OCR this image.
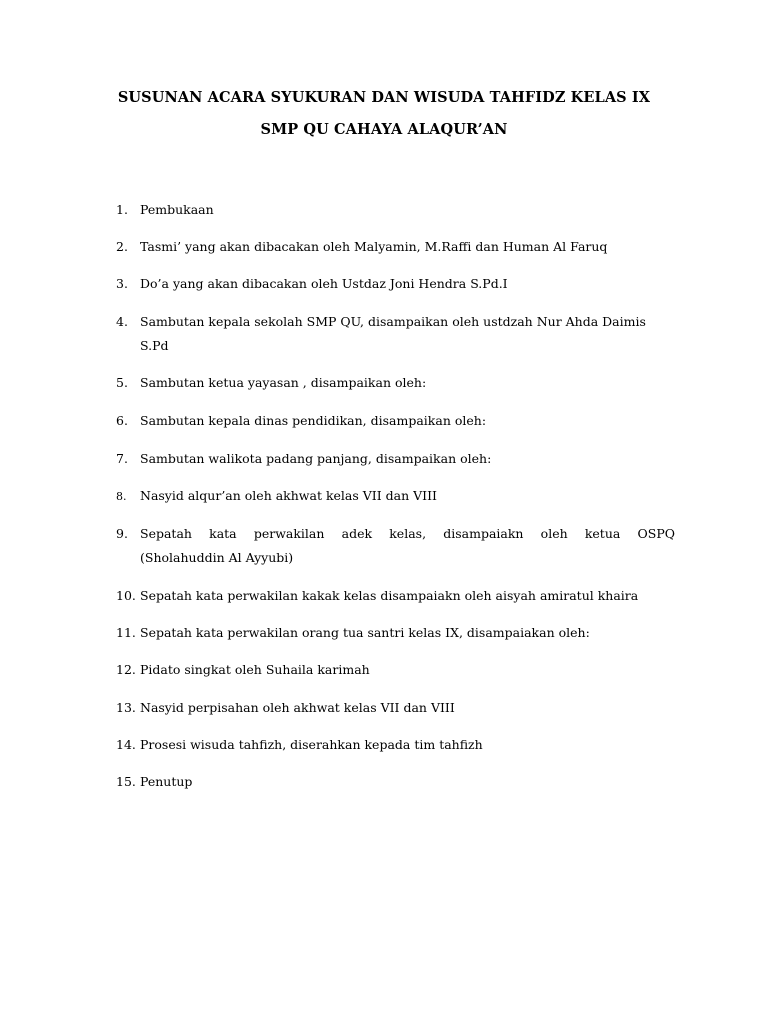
SUSUNAN ACARA SYUKURAN DAN WISUDA TAHFIDZ KELAS IX
SMP QU CAHAYA ALAQUR’AN
1. Pembukaan
2. Tasmi’ yang akan dibacakan oleh Malyamin, M.Raffi dan Human Al Faruq
3. Do’a yang akan dibacakan oleh Ustdaz Joni Hendra S.Pd.I
4. Sambutan kepala sekolah SMP QU, disampaikan oleh ustdzah Nur Ahda Daimis
S.Pd
5. Sambutan ketua yayasan , disampaikan oleh:
6. Sambutan kepala dinas pendidikan, disampaikan oleh:
7. Sambutan walikota padang panjang, disampaikan oleh:
8. Nasyid alqur’an oleh akhwat kelas VII dan VIII
9. Sepatah kata perwakilan adek kelas, disampaiakn oleh ketua OSPQ
(Sholahuddin Al Ayyubi)
10. Sepatah kata perwakilan kakak kelas disampaiakn oleh aisyah amiratul khaira
11. Sepatah kata perwakilan orang tua santri kelas IX, disampaiakan oleh:
12. Pidato singkat oleh Suhaila karimah
13. Nasyid perpisahan oleh akhwat kelas VII dan VIII
14. Prosesi wisuda tahfizh, diserahkan kepada tim tahfizh
15. Penutup
